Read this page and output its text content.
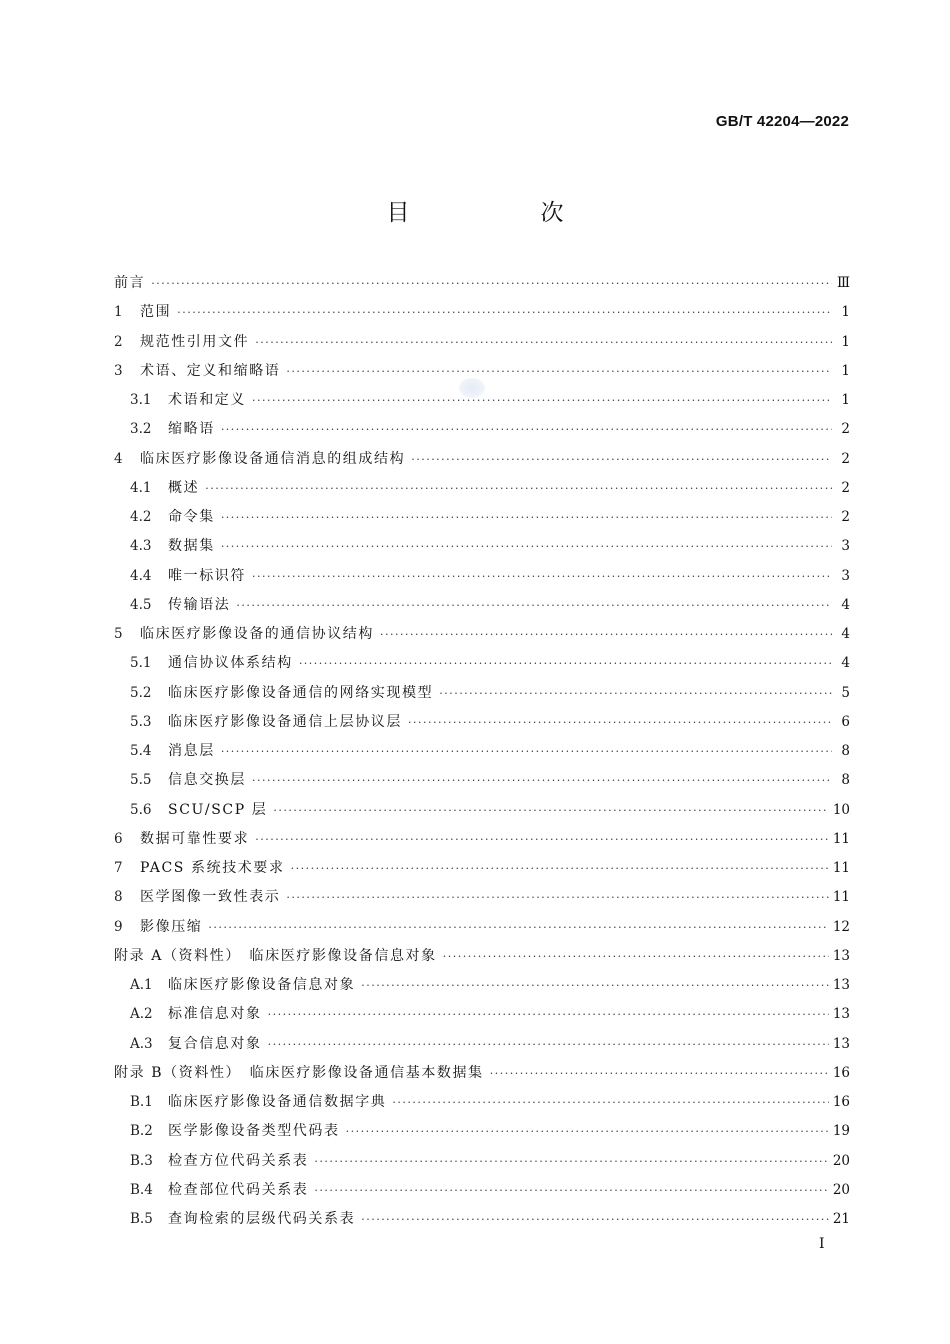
GB/T 42204—2022
目　次
前言 ·····	Ⅲ
1	范围 ·····	1
2	规范性引用文件 ·····	1
3	术语、定义和缩略语 ·····	1
3.1	术语和定义 ·····	1
3.2	缩略语 ·····	2
4	临床医疗影像设备通信消息的组成结构 ·····	2
4.1	概述 ·····	2
4.2	命令集 ·····	2
4.3	数据集 ·····	3
4.4	唯一标识符 ·····	3
4.5	传输语法 ·····	4
5	临床医疗影像设备的通信协议结构 ·····	4
5.1	通信协议体系结构 ·····	4
5.2	临床医疗影像设备通信的网络实现模型 ·····	5
5.3	临床医疗影像设备通信上层协议层 ·····	6
5.4	消息层 ·····	8
5.5	信息交换层 ·····	8
5.6	SCU/SCP 层 ·····	10
6	数据可靠性要求 ·····	11
7	PACS 系统技术要求 ·····	11
8	医学图像一致性表示 ·····	11
9	影像压缩 ·····	12
附录 A（资料性）　临床医疗影像设备信息对象 ·····	13
A.1	临床医疗影像设备信息对象 ·····	13
A.2	标准信息对象 ·····	13
A.3	复合信息对象 ·····	13
附录 B（资料性）　临床医疗影像设备通信基本数据集 ·····	16
B.1	临床医疗影像设备通信数据字典 ·····	16
B.2	医学影像设备类型代码表 ·····	19
B.3	检查方位代码关系表 ·····	20
B.4	检查部位代码关系表 ·····	20
B.5	查询检索的层级代码关系表 ·····	21
I
